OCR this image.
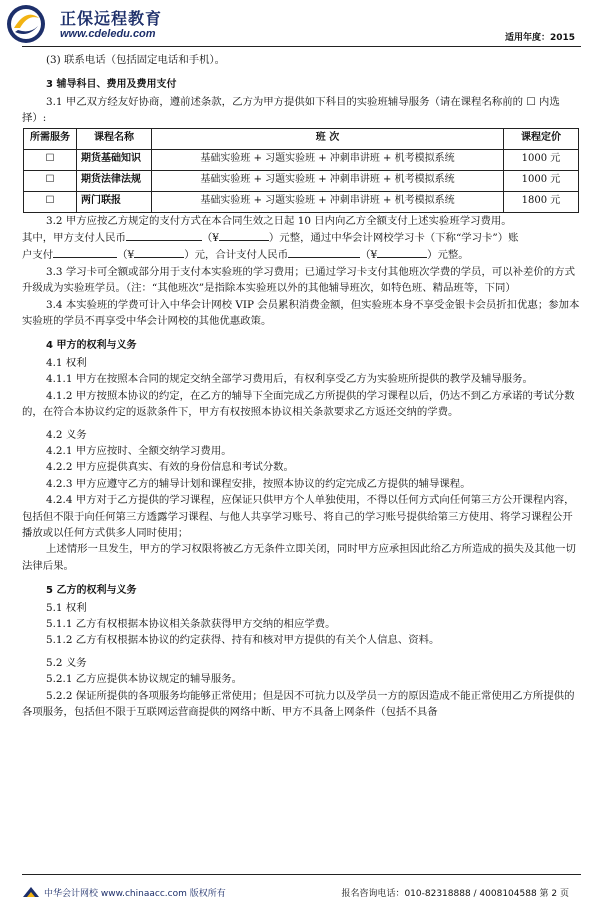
正保远程教育
www.cdeledu.com	适用年度：2015

(3) 联系电话（包括固定电话和手机）。

3 辅导科目、费用及费用支付

3.1 甲乙双方经友好协商，遵前述条款，乙方为甲方提供如下科目的实验班辅导服务（请在课程名称前的 ☐ 内选择）:

所需服务	课程名称	班 次	课程定价
☐	期货基础知识	基础实验班 + 习题实验班 + 冲刺串讲班 + 机考模拟系统	1000 元
☐	期货法律法规	基础实验班 + 习题实验班 + 冲刺串讲班 + 机考模拟系统	1000 元
☐	两门联报	基础实验班 + 习题实验班 + 冲刺串讲班 + 机考模拟系统	1800 元

3.2 甲方应按乙方规定的支付方式在本合同生效之日起 10 日内向乙方全额支付上述实验班学习费用。

其中，甲方支付人民币	（¥	）元整，通过中华会计网校学习卡（下称“学习卡”）账

户支付	（¥	）元，合计支付人民币	（¥	）元整。

3.3 学习卡可全额或部分用于支付本实验班的学习费用；已通过学习卡支付其他班次学费的学员，可以补差价的方式升级成为实验班学员。（注：“其他班次”是指除本实验班以外的其他辅导班次，如特色班、精品班等，下同）

3.4 本实验班的学费可计入中华会计网校 VIP 会员累积消费金额，但实验班本身不享受金银卡会员折扣优惠；参加本实验班的学员不再享受中华会计网校的其他优惠政策。

4 甲方的权利与义务

4.1 权利

4.1.1 甲方在按照本合同的规定交纳全部学习费用后，有权利享受乙方为实验班所提供的教学及辅导服务。

4.1.2 甲方按照本协议的约定，在乙方的辅导下全面完成乙方所提供的学习课程以后，仍达不到乙方承诺的考试分数的，在符合本协议约定的返款条件下，甲方有权按照本协议相关条款要求乙方返还交纳的学费。

4.2 义务

4.2.1 甲方应按时、全额交纳学习费用。

4.2.2 甲方应提供真实、有效的身份信息和考试分数。

4.2.3 甲方应遵守乙方的辅导计划和课程安排，按照本协议的约定完成乙方提供的辅导课程。

4.2.4 甲方对于乙方提供的学习课程，应保证只供甲方个人单独使用，不得以任何方式向任何第三方公开课程内容，包括但不限于向任何第三方透露学习课程、与他人共享学习账号、将自己的学习账号提供给第三方使用、将学习课程公开播放或以任何方式供多人同时使用；

上述情形一旦发生，甲方的学习权限将被乙方无条件立即关闭，同时甲方应承担因此给乙方所造成的损失及其他一切法律后果。

5 乙方的权利与义务

5.1 权利

5.1.1 乙方有权根据本协议相关条款获得甲方交纳的相应学费。

5.1.2 乙方有权根据本协议的约定获得、持有和核对甲方提供的有关个人信息、资料。

5.2 义务

5.2.1 乙方应提供本协议规定的辅导服务。

5.2.2 保证所提供的各项服务均能够正常使用；但是因不可抗力以及学员一方的原因造成不能正常使用乙方所提供的各项服务，包括但不限于互联网运营商提供的网络中断、甲方不具备上网条件（包括不具备

中华会计网校 www.chinaacc.com 版权所有	报名咨询电话：010-82318888 / 4008104588 第 2 页
